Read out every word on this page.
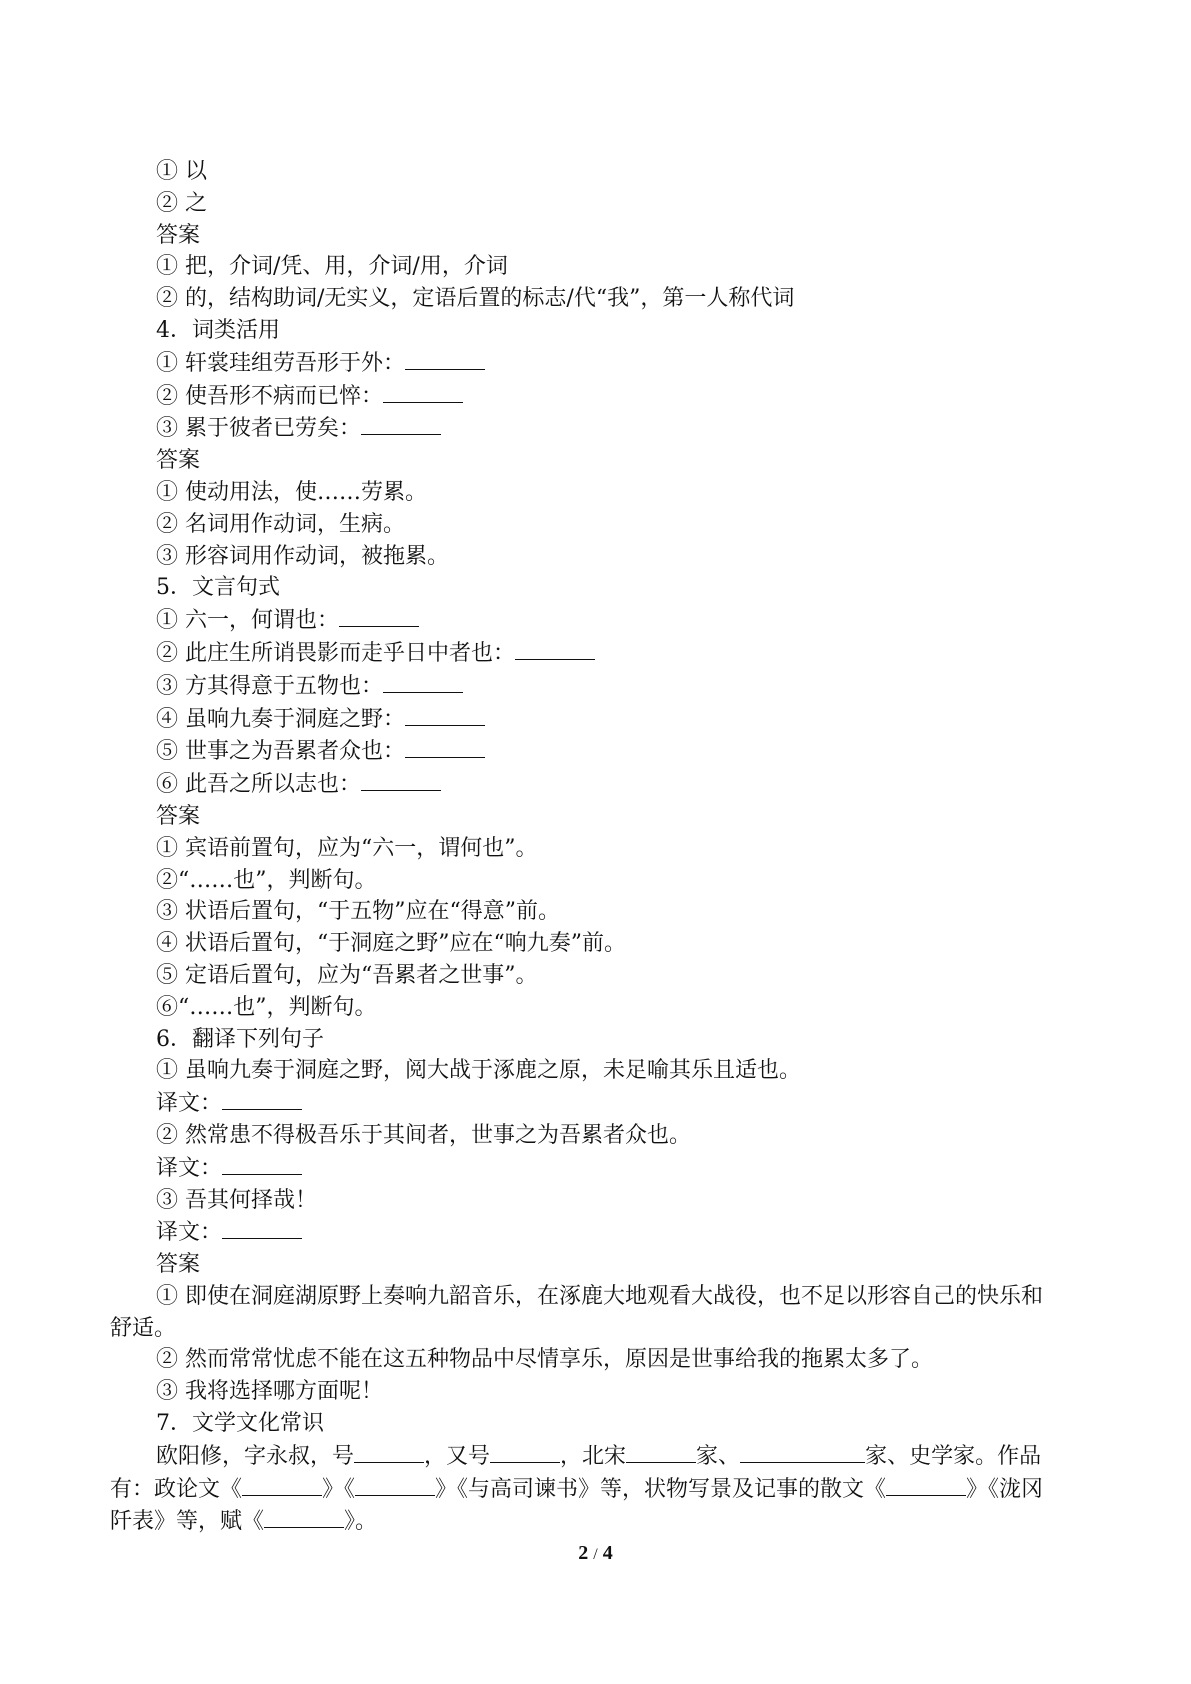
① 以
② 之
答案
① 把，介词/凭、用，介词/用，介词
② 的，结构助词/无实义，定语后置的标志/代“我”，第一人称代词
4．词类活用
① 轩裳珪组劳吾形于外：
② 使吾形不病而已悴：
③ 累于彼者已劳矣：
答案
① 使动用法，使……劳累。
② 名词用作动词，生病。
③ 形容词用作动词，被拖累。
5．文言句式
① 六一，何谓也：
② 此庄生所诮畏影而走乎日中者也：
③ 方其得意于五物也：
④ 虽响九奏于洞庭之野：
⑤ 世事之为吾累者众也：
⑥ 此吾之所以志也：
答案
① 宾语前置句，应为“六一，谓何也”。
②“……也”，判断句。
③ 状语后置句，“于五物”应在“得意”前。
④ 状语后置句，“于洞庭之野”应在“响九奏”前。
⑤ 定语后置句，应为“吾累者之世事”。
⑥“……也”，判断句。
6．翻译下列句子
① 虽响九奏于洞庭之野，阅大战于涿鹿之原，未足喻其乐且适也。
译文：
② 然常患不得极吾乐于其间者，世事之为吾累者众也。
译文：
③ 吾其何择哉！
译文：
答案
① 即使在洞庭湖原野上奏响九韶音乐，在涿鹿大地观看大战役，也不足以形容自己的快乐和舒适。
② 然而常常忧虑不能在这五种物品中尽情享乐，原因是世事给我的拖累太多了。
③ 我将选择哪方面呢！
7．文学文化常识
欧阳修，字永叔，号	，又号	，北宋	家、	家、史学家。作品有：政论文《	》《	》《与高司谏书》等，状物写景及记事的散文《	》《泷冈阡表》等，赋《	》。
2 / 4
